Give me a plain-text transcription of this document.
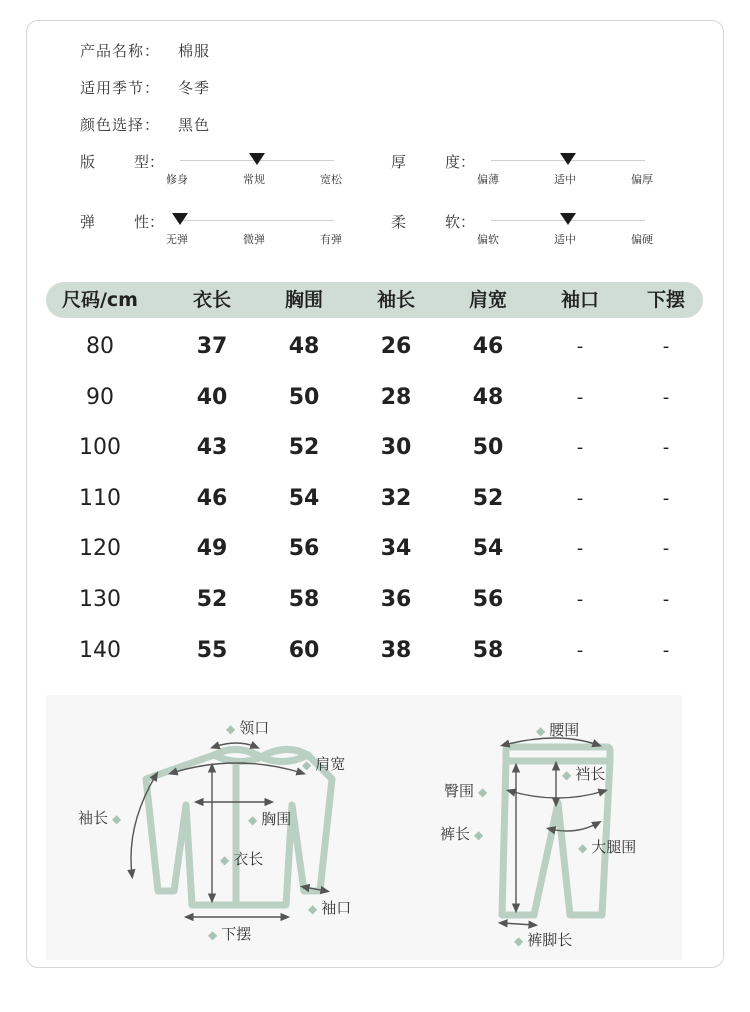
产品名称： 棉服
适用季节： 冬季
颜色选择： 黑色
版	型：
修身	常规	宽松
厚	度：
偏薄	适中	偏厚
弹	性：
无弹	微弹	有弹
柔	软：
偏软	适中	偏硬
尺码/cm	衣长	胸围	袖长	肩宽	袖口	下摆
80	37	48	26	46	-	-
90	40	50	28	48	-	-
100	43	52	30	50	-	-
110	46	54	32	52	-	-
120	49	56	34	54	-	-
130	52	58	36	56	-	-
140	55	60	38	58	-	-
◆ 领口
◆ 肩宽
袖长 ◆	◆ 胸围
◆ 衣长
◆ 袖口
◆ 下摆
◆ 腰围
臀围 ◆
◆ 裆长
裤长 ◆
◆ 大腿围
◆ 裤脚长
